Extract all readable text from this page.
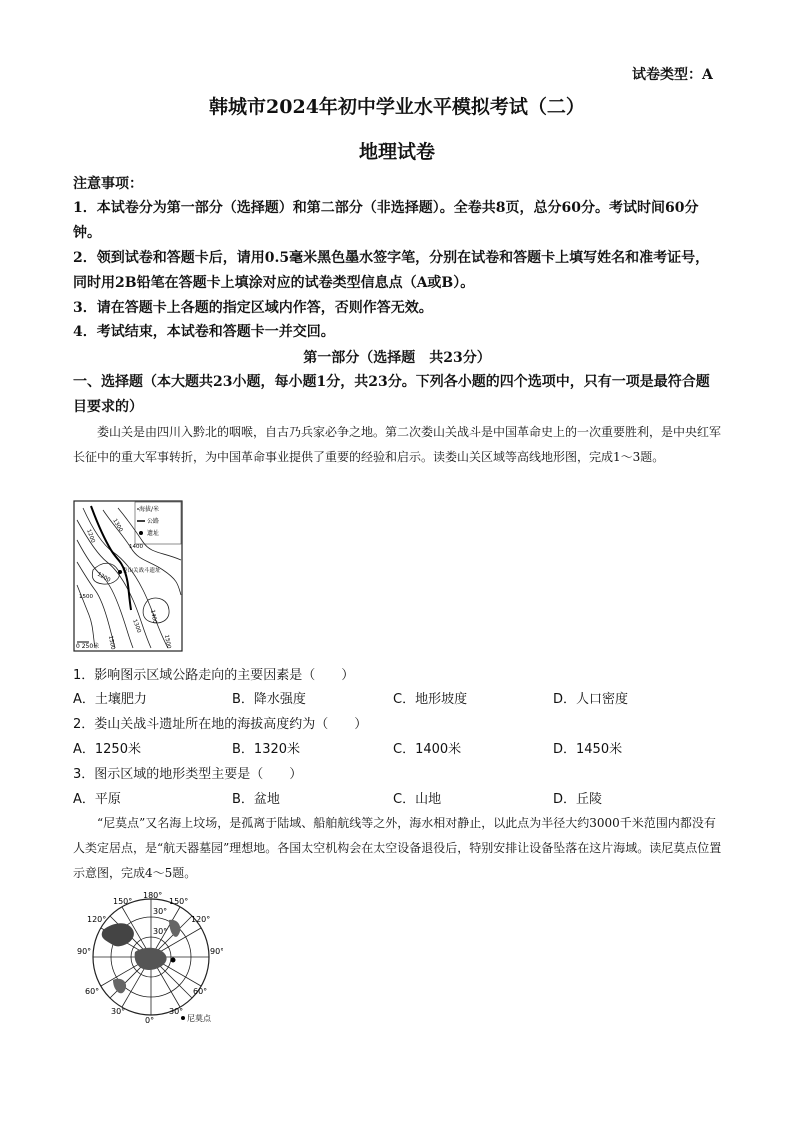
试卷类型：A
韩城市2024年初中学业水平模拟考试（二）
地理试卷
注意事项：
1．本试卷分为第一部分（选择题）和第二部分（非选择题）。全卷共8页，总分60分。考试时间60分钟。
2．领到试卷和答题卡后，请用0.5毫米黑色墨水签字笔，分别在试卷和答题卡上填写姓名和准考证号，同时用2B铅笔在答题卡上填涂对应的试卷类型信息点（A或B）。
3．请在答题卡上各题的指定区域内作答，否则作答无效。
4．考试结束，本试卷和答题卡一并交回。
第一部分（选择题　共23分）
一、选择题（本大题共23小题，每小题1分，共23分。下列各小题的四个选项中，只有一项是最符合题目要求的）
娄山关是由四川入黔北的咽喉，自古乃兵家必争之地。第二次娄山关战斗是中国革命史上的一次重要胜利，是中央红军长征中的重大军事转折，为中国革命事业提供了重要的经验和启示。读娄山关区域等高线地形图，完成1～3题。
海拔/米
公路
遗址
娄山关战斗遗址
1200
1300
1400
1500
1200
1300
1400
1500	1500
0 250米
1．影响图示区域公路走向的主要因素是（　　）
A．土壤肥力	B．降水强度	C．地形坡度	D．人口密度
2．娄山关战斗遗址所在地的海拔高度约为（　　）
A．1250米	B．1320米	C．1400米	D．1450米
3．图示区域的地形类型主要是（　　）
A．平原	B．盆地	C．山地	D．丘陵
“尼莫点”又名海上坟场，是孤离于陆域、船舶航线等之外，海水相对静止，以此点为半径大约3000千米范围内都没有人类定居点，是“航天器墓园”理想地。各国太空机构会在太空设备退役后，特别安排让设备坠落在这片海域。读尼莫点位置示意图，完成4～5题。
180°
150°	150°
120°	120°
90°	90°
60°	60°
30°
30°
0°
30°
30°
尼莫点
